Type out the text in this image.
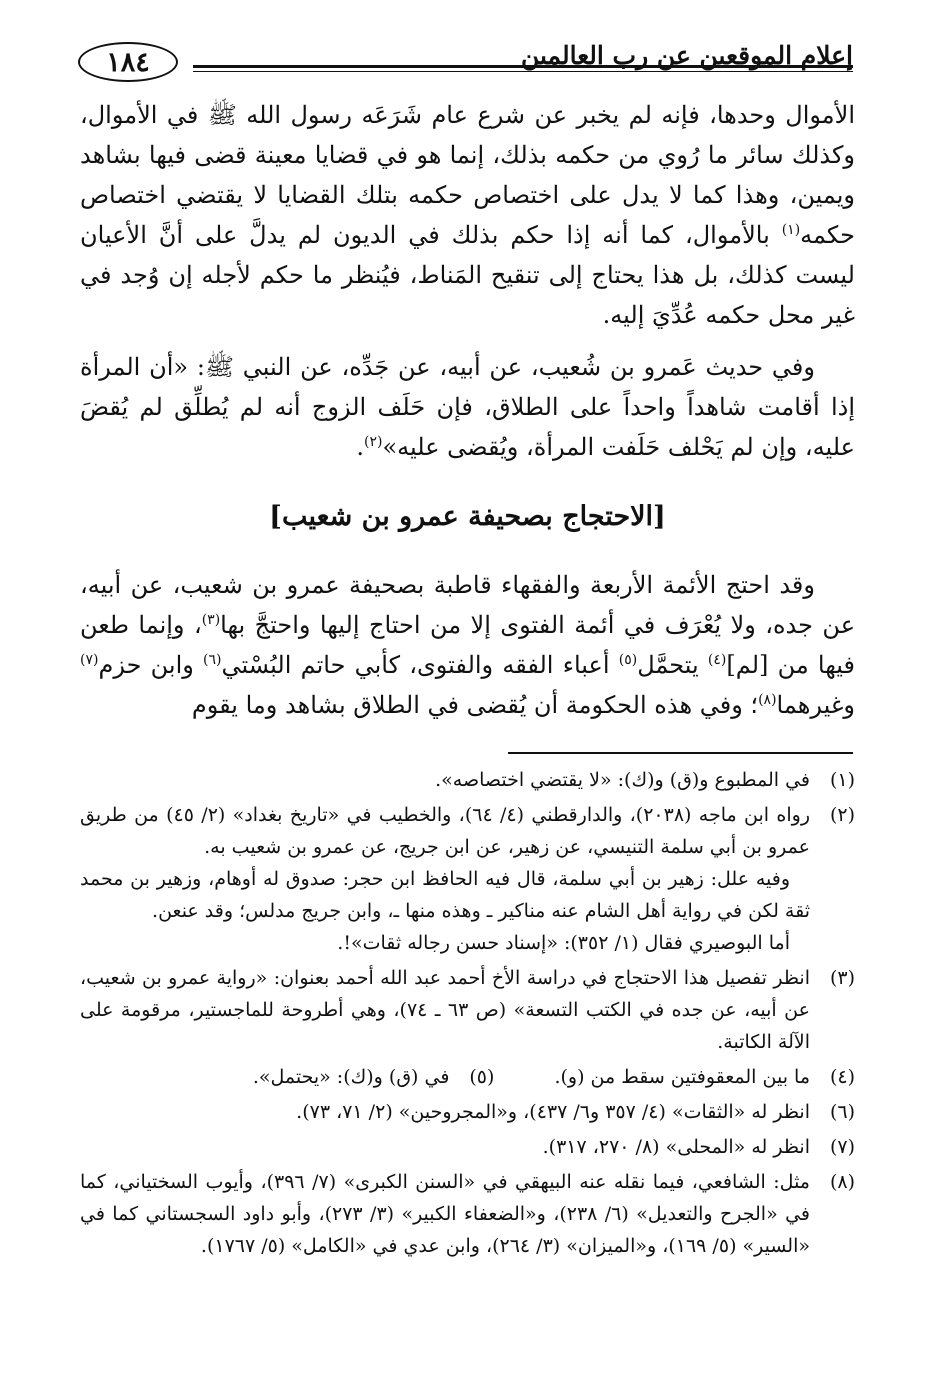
إعلام الموقعين عن رب العالمين
١٨٤

الأموال وحدها، فإنه لم يخبر عن شرع عام شَرَعَه رسول الله ﷺ في الأموال، وكذلك سائر ما رُوي من حكمه بذلك، إنما هو في قضايا معينة قضى فيها بشاهد ويمين، وهذا كما لا يدل على اختصاص حكمه بتلك القضايا لا يقتضي اختصاص حكمه$^{(١)}$ بالأموال، كما أنه إذا حكم بذلك في الديون لم يدلَّ على أنَّ الأعيان ليست كذلك، بل هذا يحتاج إلى تنقيح المَناط، فيُنظر ما حكم لأجله إن وُجد في غير محل حكمه عُدِّيَ إليه.

وفي حديث عَمرو بن شُعيب، عن أبيه، عن جَدِّه، عن النبي ﷺ: «أن المرأة إذا أقامت شاهداً واحداً على الطلاق، فإن حَلَف الزوج أنه لم يُطلِّق لم يُقضَ عليه، وإن لم يَحْلف حَلَفت المرأة، ويُقضى عليه»$^{(٢)}$.

[الاحتجاج بصحيفة عمرو بن شعيب]

وقد احتج الأئمة الأربعة والفقهاء قاطبة بصحيفة عمرو بن شعيب، عن أبيه، عن جده، ولا يُعْرَف في أئمة الفتوى إلا من احتاج إليها واحتجَّ بها$^{(٣)}$، وإنما طعن فيها من [لم]$^{(٤)}$ يتحمَّل$^{(٥)}$ أعباء الفقه والفتوى، كأبي حاتم البُسْتي$^{(٦)}$ وابن حزم$^{(٧)}$ وغيرهما$^{(٨)}$؛ وفي هذه الحكومة أن يُقضى في الطلاق بشاهد وما يقوم

(١)
في المطبوع و(ق) و(ك): «لا يقتضي اختصاصه».
(٢)
رواه ابن ماجه (٢٠٣٨)، والدارقطني (٤/ ٦٤)، والخطيب في «تاريخ بغداد» (٢/ ٤٥) من طريق عمرو بن أبي سلمة التنيسي، عن زهير، عن ابن جريج، عن عمرو بن شعيب به.
وفيه علل: زهير بن أبي سلمة، قال فيه الحافظ ابن حجر: صدوق له أوهام، وزهير بن محمد ثقة لكن في رواية أهل الشام عنه مناكير ـ وهذه منها ـ، وابن جريج مدلس؛ وقد عنعن.
أما البوصيري فقال (١/ ٣٥٢): «إسناد حسن رجاله ثقات»!.
(٣)
انظر تفصيل هذا الاحتجاج في دراسة الأخ أحمد عبد الله أحمد بعنوان: «رواية عمرو بن شعيب، عن أبيه، عن جده في الكتب التسعة» (ص ٦٣ ـ ٧٤)، وهي أطروحة للماجستير، مرقومة على الآلة الكاتبة.
(٤)
ما بين المعقوفتين سقط من (و).
(٥)
في (ق) و(ك): «يحتمل».
(٦)
انظر له «الثقات» (٤/ ٣٥٧ و٦/ ٤٣٧)، و«المجروحين» (٢/ ٧١، ٧٣).
(٧)
انظر له «المحلى» (٨/ ٢٧٠، ٣١٧).
(٨)
مثل: الشافعي، فيما نقله عنه البيهقي في «السنن الكبرى» (٧/ ٣٩٦)، وأيوب السختياني، كما في «الجرح والتعديل» (٦/ ٢٣٨)، و«الضعفاء الكبير» (٣/ ٢٧٣)، وأبو داود السجستاني كما في «السير» (٥/ ١٦٩)، و«الميزان» (٣/ ٢٦٤)، وابن عدي في «الكامل» (٥/ ١٧٦٧).
